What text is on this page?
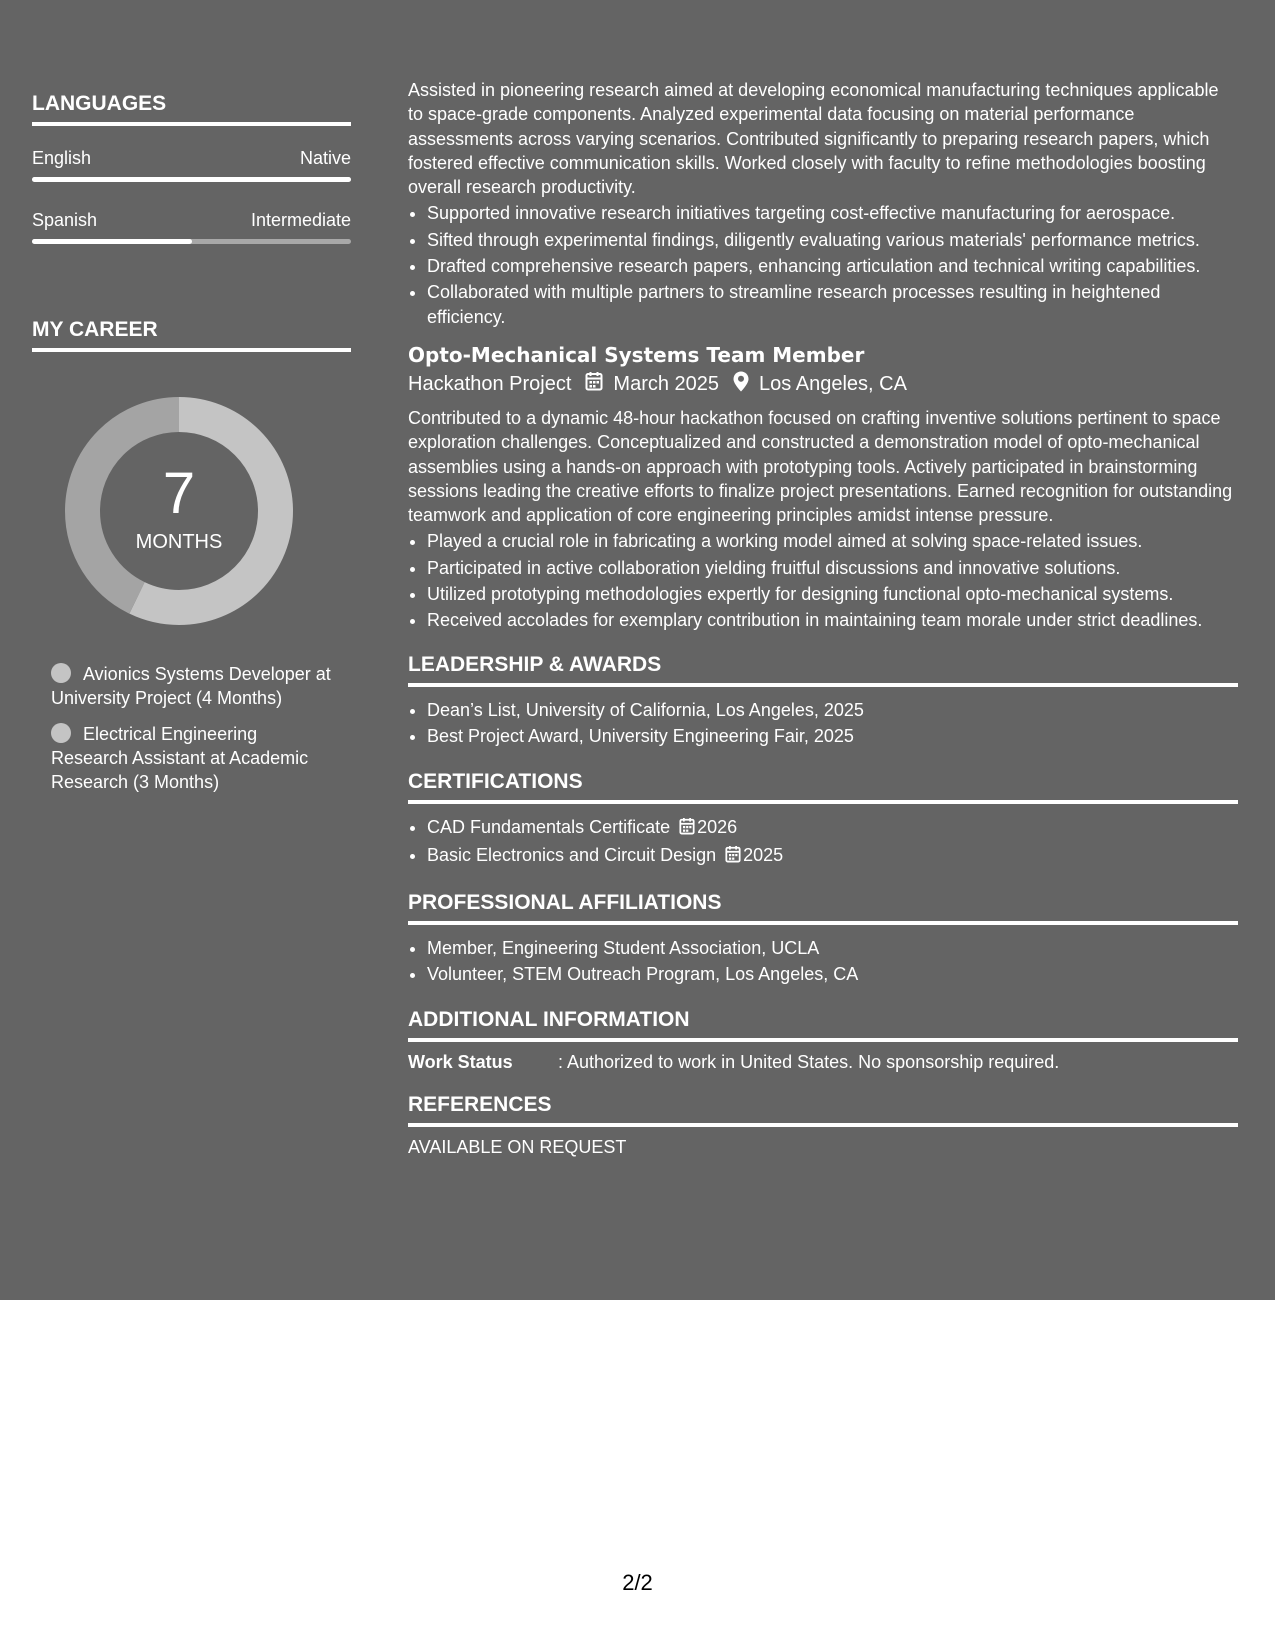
LANGUAGES
English	Native
Spanish	Intermediate
MY CAREER
7
MONTHS
Avionics Systems Developer at University Project (4 Months)
Electrical Engineering Research Assistant at Academic Research (3 Months)

Assisted in pioneering research aimed at developing economical manufacturing techniques applicable to space-grade components. Analyzed experimental data focusing on material performance assessments across varying scenarios. Contributed significantly to preparing research papers, which fostered effective communication skills. Worked closely with faculty to refine methodologies boosting overall research productivity.

• Supported innovative research initiatives targeting cost-effective manufacturing for aerospace.
• Sifted through experimental findings, diligently evaluating various materials' performance metrics.
• Drafted comprehensive research papers, enhancing articulation and technical writing capabilities.
• Collaborated with multiple partners to streamline research processes resulting in heightened efficiency.
Opto-Mechanical Systems Team Member
Hackathon Project March 2025 Los Angeles, CA

Contributed to a dynamic 48-hour hackathon focused on crafting inventive solutions pertinent to space exploration challenges. Conceptualized and constructed a demonstration model of opto-mechanical assemblies using a hands-on approach with prototyping tools. Actively participated in brainstorming sessions leading the creative efforts to finalize project presentations. Earned recognition for outstanding teamwork and application of core engineering principles amidst intense pressure.

• Played a crucial role in fabricating a working model aimed at solving space-related issues.
• Participated in active collaboration yielding fruitful discussions and innovative solutions.
• Utilized prototyping methodologies expertly for designing functional opto-mechanical systems.
• Received accolades for exemplary contribution in maintaining team morale under strict deadlines.
LEADERSHIP & AWARDS
• Dean’s List, University of California, Los Angeles, 2025
• Best Project Award, University Engineering Fair, 2025
CERTIFICATIONS
• CAD Fundamentals Certificate 2026
• Basic Electronics and Circuit Design 2025
PROFESSIONAL AFFILIATIONS
• Member, Engineering Student Association, UCLA
• Volunteer, STEM Outreach Program, Los Angeles, CA
ADDITIONAL INFORMATION
Work Status	: Authorized to work in United States. No sponsorship required.
REFERENCES
AVAILABLE ON REQUEST
2/2
